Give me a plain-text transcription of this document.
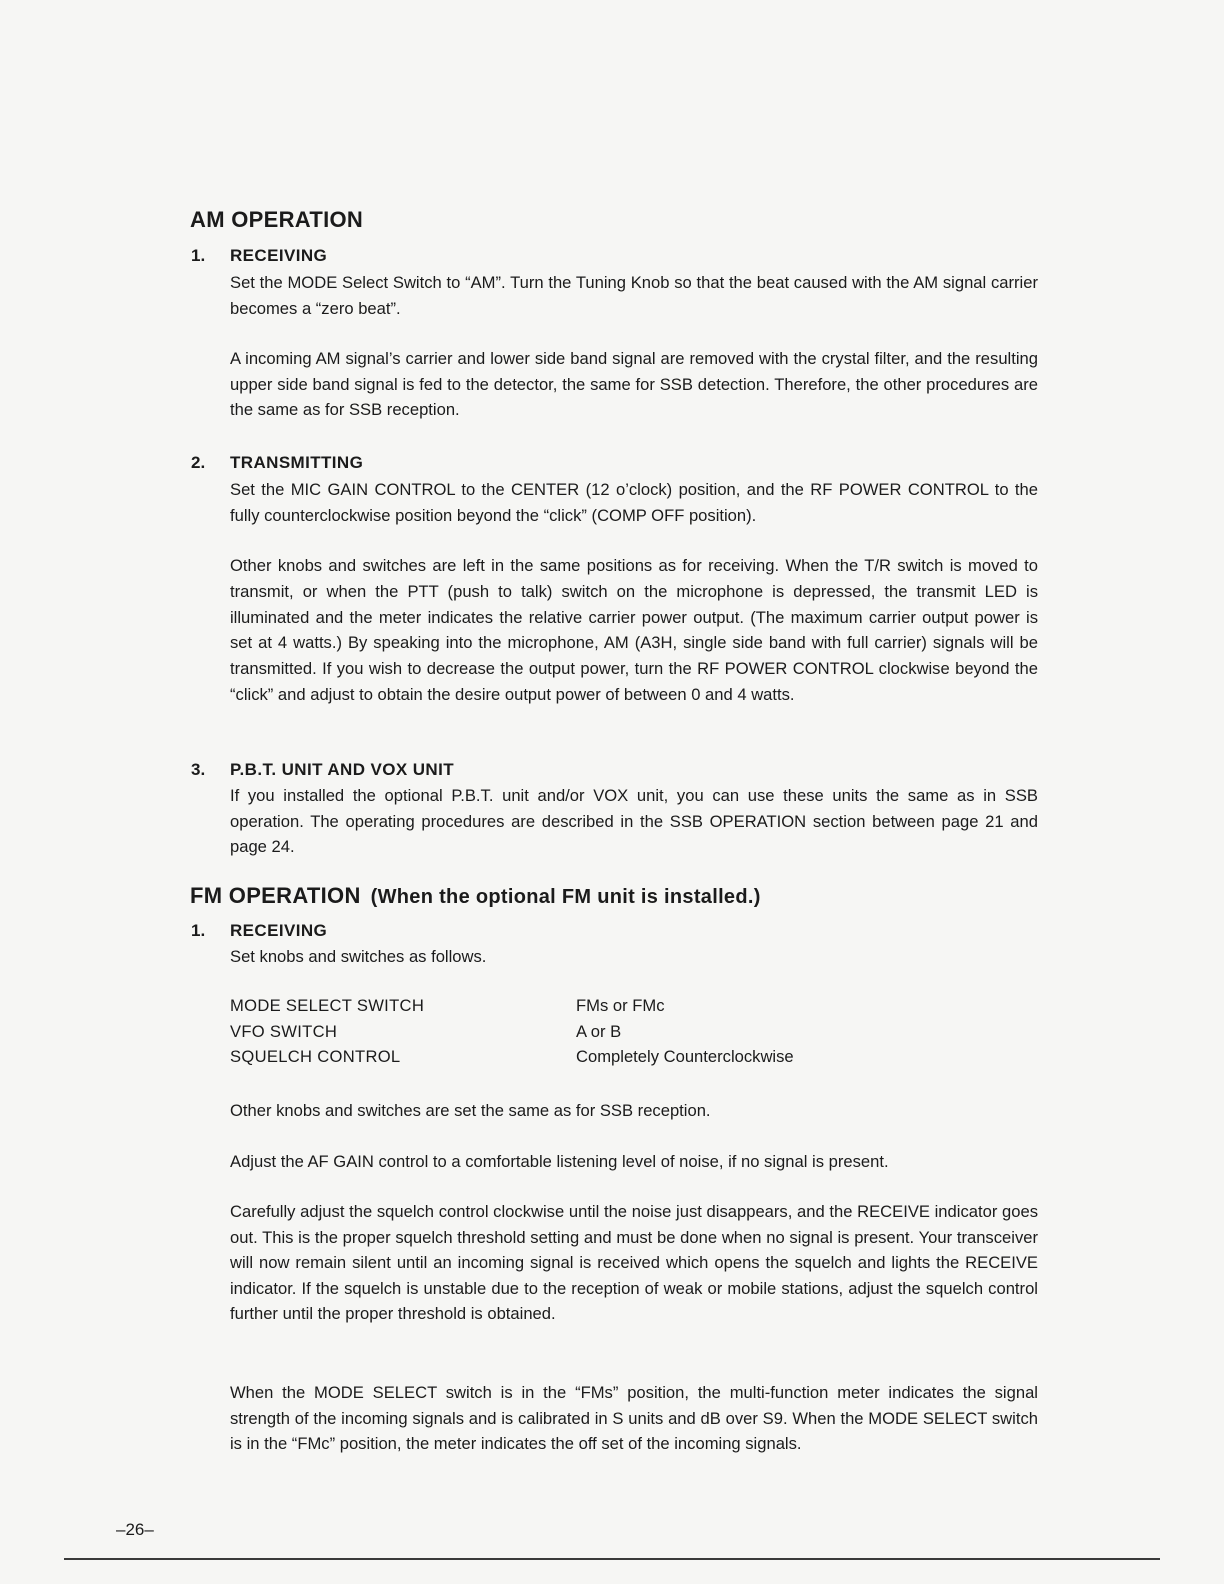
AM OPERATION
1. RECEIVING

Set the MODE Select Switch to “AM”. Turn the Tuning Knob so that the beat caused with the AM signal carrier becomes a “zero beat”.

A incoming AM signal’s carrier and lower side band signal are removed with the crystal filter, and the resulting upper side band signal is fed to the detector, the same for SSB detection. Therefore, the other procedures are the same as for SSB reception.

2. TRANSMITTING

Set the MIC GAIN CONTROL to the CENTER (12 o’clock) position, and the RF POWER CONTROL to the fully counterclockwise position beyond the “click” (COMP OFF position).

Other knobs and switches are left in the same positions as for receiving. When the T/R switch is moved to transmit, or when the PTT (push to talk) switch on the microphone is depressed, the transmit LED is illuminated and the meter indicates the relative carrier power output. (The maximum carrier output power is set at 4 watts.) By speaking into the microphone, AM (A3H, single side band with full carrier) signals will be transmitted. If you wish to decrease the output power, turn the RF POWER CONTROL clockwise beyond the “click” and adjust to obtain the desire output power of between 0 and 4 watts.

3. P.B.T. UNIT AND VOX UNIT

If you installed the optional P.B.T. unit and/or VOX unit, you can use these units the same as in SSB operation. The operating procedures are described in the SSB OPERATION section between page 21 and page 24.

FM OPERATION (When the optional FM unit is installed.)
1. RECEIVING

Set knobs and switches as follows.

MODE SELECT SWITCH	FMs or FMc
VFO SWITCH	A or B
SQUELCH CONTROL	Completely Counterclockwise

Other knobs and switches are set the same as for SSB reception.

Adjust the AF GAIN control to a comfortable listening level of noise, if no signal is present.

Carefully adjust the squelch control clockwise until the noise just disappears, and the RECEIVE indicator goes out. This is the proper squelch threshold setting and must be done when no signal is present. Your transceiver will now remain silent until an incoming signal is received which opens the squelch and lights the RECEIVE indicator. If the squelch is unstable due to the reception of weak or mobile stations, adjust the squelch control further until the proper threshold is obtained.

When the MODE SELECT switch is in the “FMs” position, the multi-function meter indicates the signal strength of the incoming signals and is calibrated in S units and dB over S9. When the MODE SELECT switch is in the “FMc” position, the meter indicates the off set of the incoming signals.

–26–
